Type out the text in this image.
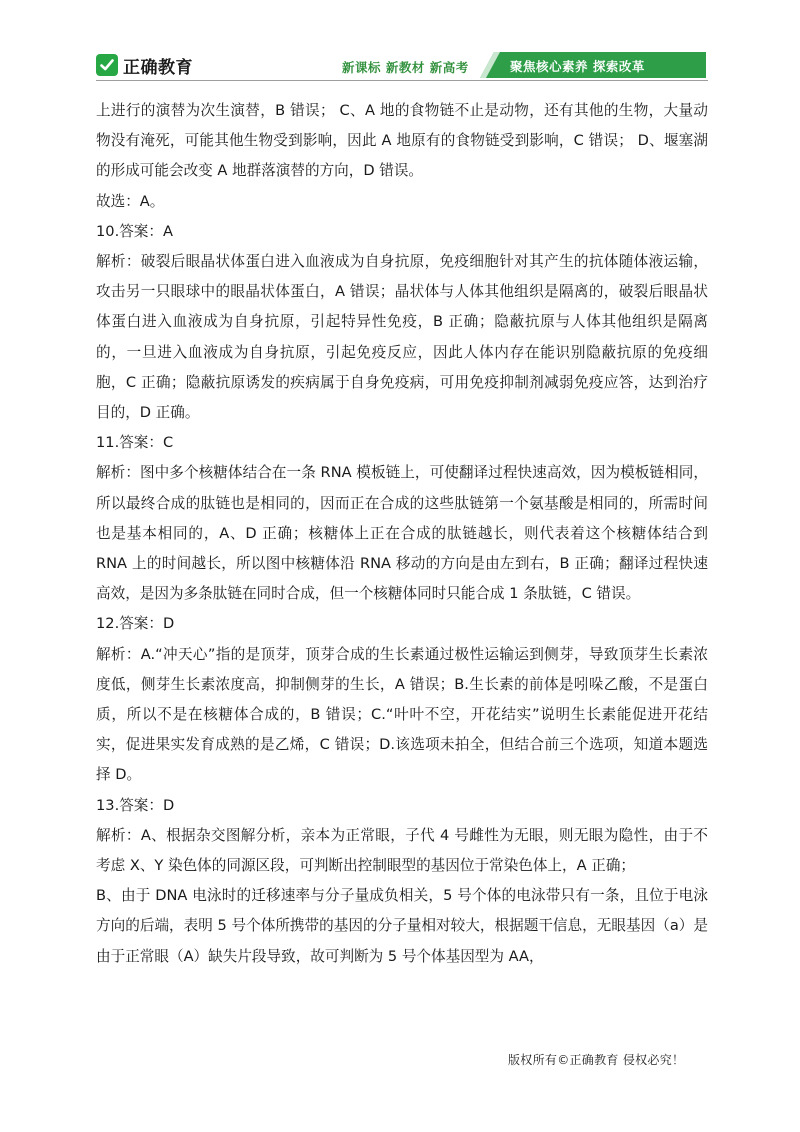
正确教育	新课标 新教材 新高考	聚焦核心素养 探索改革

上进行的演替为次生演替，B 错误； C、A 地的食物链不止是动物，还有其他的生物，大量动物没有淹死，可能其他生物受到影响，因此 A 地原有的食物链受到影响，C 错误； D、堰塞湖的形成可能会改变 A 地群落演替的方向，D 错误。

故选：A。

10.答案：A

解析：破裂后眼晶状体蛋白进入血液成为自身抗原，免疫细胞针对其产生的抗体随体液运输，攻击另一只眼球中的眼晶状体蛋白，A 错误；晶状体与人体其他组织是隔离的，破裂后眼晶状体蛋白进入血液成为自身抗原，引起特异性免疫，B 正确；隐蔽抗原与人体其他组织是隔离的，一旦进入血液成为自身抗原，引起免疫反应，因此人体内存在能识别隐蔽抗原的免疫细胞，C 正确；隐蔽抗原诱发的疾病属于自身免疫病，可用免疫抑制剂减弱免疫应答，达到治疗目的，D 正确。

11.答案：C

解析：图中多个核糖体结合在一条 RNA 模板链上，可使翻译过程快速高效，因为模板链相同，所以最终合成的肽链也是相同的，因而正在合成的这些肽链第一个氨基酸是相同的，所需时间也是基本相同的，A、D 正确；核糖体上正在合成的肽链越长，则代表着这个核糖体结合到 RNA 上的时间越长，所以图中核糖体沿 RNA 移动的方向是由左到右，B 正确；翻译过程快速高效，是因为多条肽链在同时合成，但一个核糖体同时只能合成 1 条肽链，C 错误。

12.答案：D

解析：A.“冲天心”指的是顶芽，顶芽合成的生长素通过极性运输运到侧芽，导致顶芽生长素浓度低，侧芽生长素浓度高，抑制侧芽的生长，A 错误；B.生长素的前体是吲哚乙酸，不是蛋白质，所以不是在核糖体合成的，B 错误；C.“叶叶不空，开花结实”说明生长素能促进开花结实，促进果实发育成熟的是乙烯，C 错误；D.该选项未拍全，但结合前三个选项，知道本题选择 D。

13.答案：D

解析：A、根据杂交图解分析，亲本为正常眼，子代 4 号雌性为无眼，则无眼为隐性，由于不考虑 X、Y 染色体的同源区段，可判断出控制眼型的基因位于常染色体上，A 正确；

B、由于 DNA 电泳时的迁移速率与分子量成负相关，5 号个体的电泳带只有一条，且位于电泳方向的后端，表明 5 号个体所携带的基因的分子量相对较大，根据题干信息，无眼基因（a）是由于正常眼（A）缺失片段导致，故可判断为 5 号个体基因型为 AA，

版权所有©正确教育 侵权必究！
